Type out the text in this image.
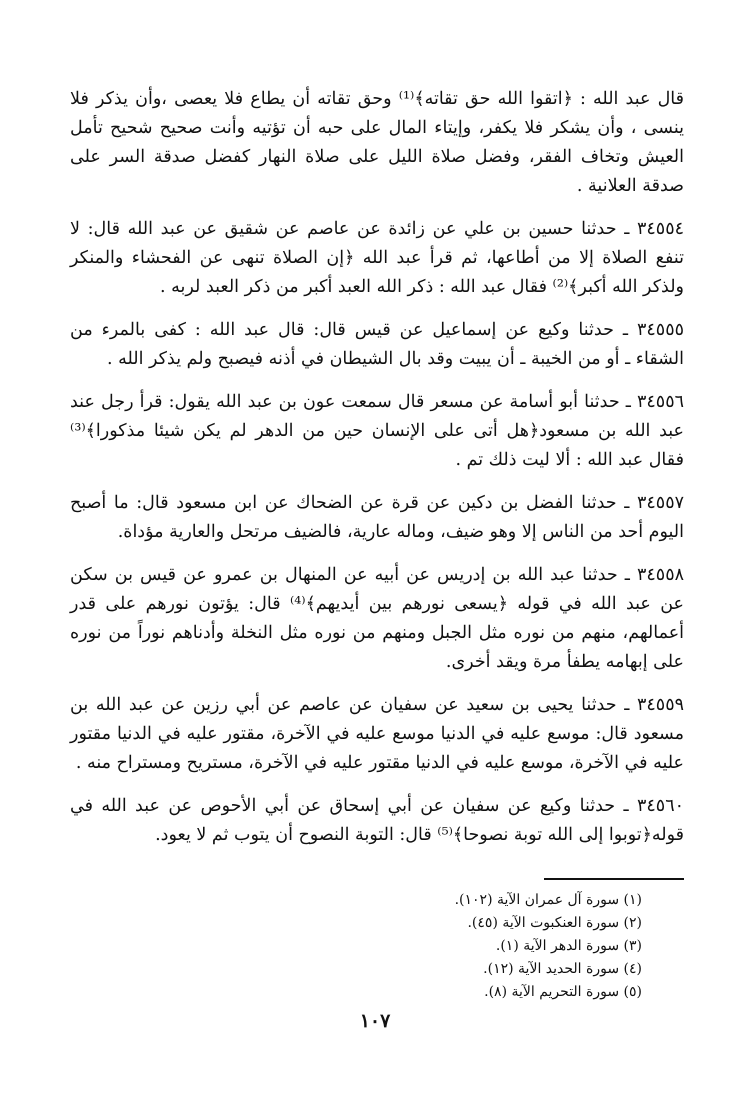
قال عبد الله : ﴿اتقوا الله حق تقاته﴾⁽¹⁾ وحق تقاته أن يطاع فلا يعصى ،وأن يذكر فلا ينسى ، وأن يشكر فلا يكفر، وإيتاء المال على حبه أن تؤتيه وأنت صحيح شحيح تأمل العيش وتخاف الفقر، وفضل صلاة الليل على صلاة النهار كفضل صدقة السر على صدقة العلانية .

٣٤٥٥٤ ـ حدثنا حسين بن علي عن زائدة عن عاصم عن شقيق عن عبد الله قال: لا تنفع الصلاة إلا من أطاعها، ثم قرأ عبد الله ﴿إن الصلاة تنهى عن الفحشاء والمنكر ولذكر الله أكبر﴾⁽²⁾ فقال عبد الله : ذكر الله العبد أكبر من ذكر العبد لربه .

٣٤٥٥٥ ـ حدثنا وكيع عن إسماعيل عن قيس قال: قال عبد الله : كفى بالمرء من الشقاء ـ أو من الخيبة ـ أن يبيت وقد بال الشيطان في أذنه فيصبح ولم يذكر الله .

٣٤٥٥٦ ـ حدثنا أبو أسامة عن مسعر قال سمعت عون بن عبد الله يقول: قرأ رجل عند عبد الله بن مسعود﴿هل أتى على الإنسان حين من الدهر لم يكن شيئا مذكورا﴾⁽³⁾ فقال عبد الله : ألا ليت ذلك تم .

٣٤٥٥٧ ـ حدثنا الفضل بن دكين عن قرة عن الضحاك عن ابن مسعود قال: ما أصبح اليوم أحد من الناس إلا وهو ضيف، وماله عارية، فالضيف مرتحل والعارية مؤداة.

٣٤٥٥٨ ـ حدثنا عبد الله بن إدريس عن أبيه عن المنهال بن عمرو عن قيس بن سكن عن عبد الله في قوله ﴿يسعى نورهم بين أيديهم﴾⁽⁴⁾ قال: يؤتون نورهم على قدر أعمالهم، منهم من نوره مثل الجبل ومنهم من نوره مثل النخلة وأدناهم نوراً من نوره على إبهامه يطفأ مرة ويقد أخرى.

٣٤٥٥٩ ـ حدثنا يحيى بن سعيد عن سفيان عن عاصم عن أبي رزين عن عبد الله بن مسعود قال: موسع عليه في الدنيا موسع عليه في الآخرة، مقتور عليه في الدنيا مقتور عليه في الآخرة، موسع عليه في الدنيا مقتور عليه في الآخرة، مستريح ومستراح منه .

٣٤٥٦٠ ـ حدثنا وكيع عن سفيان عن أبي إسحاق عن أبي الأحوص عن عبد الله في قوله﴿توبوا إلى الله توبة نصوحا﴾⁽⁵⁾ قال: التوبة النصوح أن يتوب ثم لا يعود.

(١) سورة آل عمران الآية (١٠٢).

(٢) سورة العنكبوت الآية (٤٥).

(٣) سورة الدهر الآية (١).

(٤) سورة الحديد الآية (١٢).

(٥) سورة التحريم الآية (٨).

١٠٧
